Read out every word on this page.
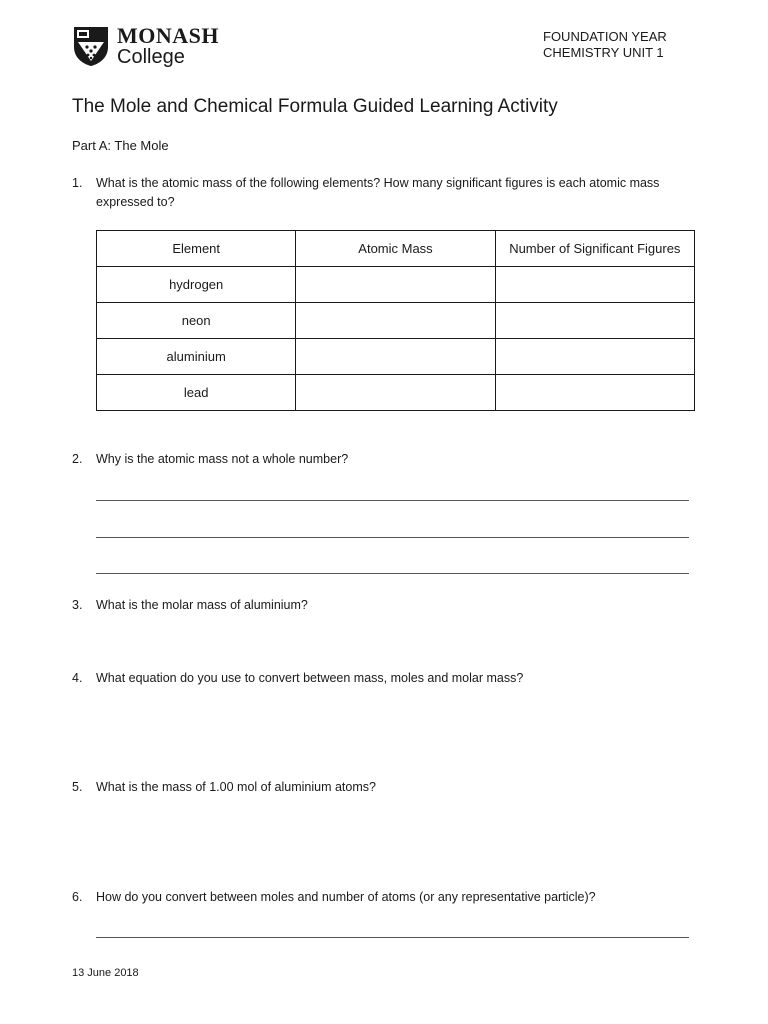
MONASH
College
FOUNDATION YEAR
CHEMISTRY UNIT 1
The Mole and Chemical Formula Guided Learning Activity
Part A: The Mole
1. What is the atomic mass of the following elements? How many significant figures is each atomic mass expressed to?
Element	Atomic Mass	Number of Significant Figures
hydrogen		
neon		
aluminium		
lead		
2. Why is the atomic mass not a whole number?
3. What is the molar mass of aluminium?
4. What equation do you use to convert between mass, moles and molar mass?
5. What is the mass of 1.00 mol of aluminium atoms?
6. How do you convert between moles and number of atoms (or any representative particle)?
13 June 2018
